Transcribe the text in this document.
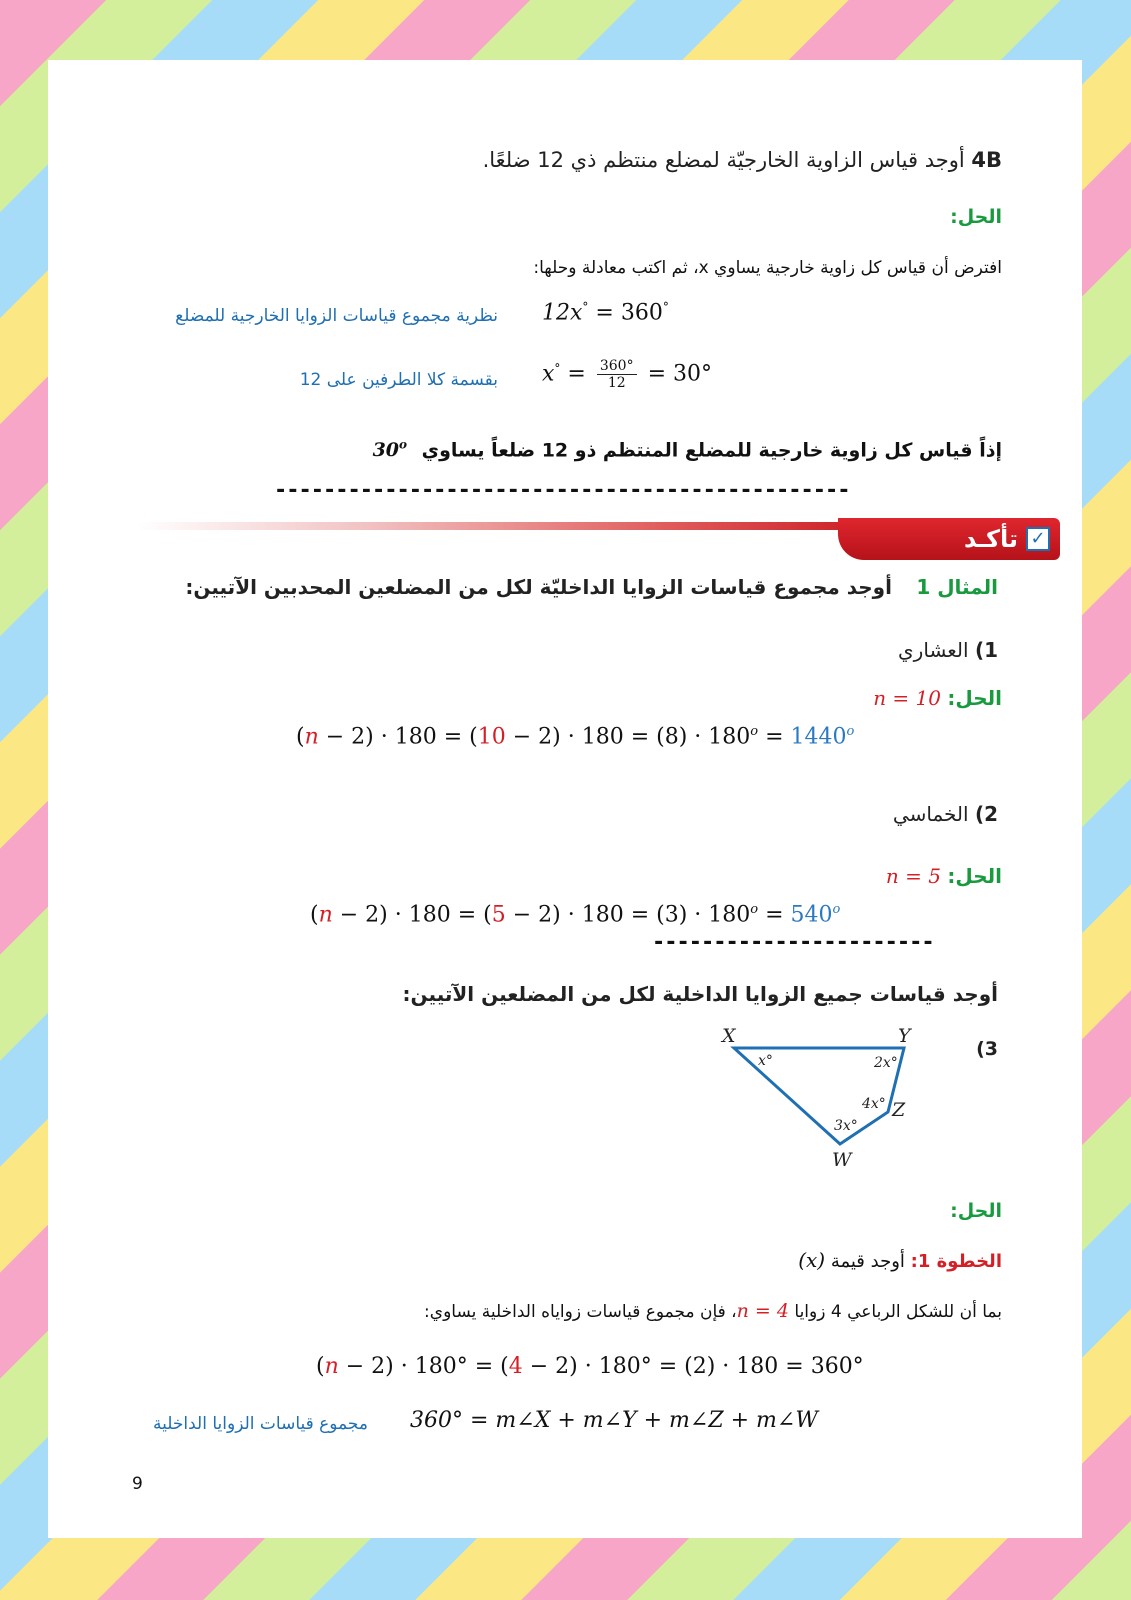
4B أوجد قياس الزاوية الخارجيّة لمضلع منتظم ذي 12 ضلعًا.
الحل:
افترض أن قياس كل زاوية خارجية يساوي x، ثم اكتب معادلة وحلها:
12x° = 360°
نظرية مجموع قياسات الزوايا الخارجية للمضلع
$x^\circ = \frac{360^\circ}{12} = 30^\circ$
بقسمة كلا الطرفين على 12
إذاً قياس كل زاوية خارجية للمضلع المنتظم ذو 12 ضلعاً يساوي 30$^o$
-----------------------------------------------
تأكـد ✓
المثال 1 أوجد مجموع قياسات الزوايا الداخليّة لكل من المضلعين المحدبين الآتيين:
1) العشاري
الحل: n = 10
$(n - 2) \cdot 180 = (10 - 2) \cdot 180 = (8) \cdot 180^o = 1440^o$
2) الخماسي
الحل: n = 5
$(n - 2) \cdot 180 = (5 - 2) \cdot 180 = (3) \cdot 180^o = 540^o$
-----------------------
أوجد قياسات جميع الزوايا الداخلية لكل من المضلعين الآتيين:
3)
X	Y
Z
W
x°	2x°
4x°
3x°
الحل:
الخطوة 1: أوجد قيمة (x)
بما أن للشكل الرباعي 4 زوايا n = 4، فإن مجموع قياسات زواياه الداخلية يساوي:
(n − 2) · 180° = (4 − 2) · 180° = (2) · 180 = 360°
360° = m∠X + m∠Y + m∠Z + m∠W
مجموع قياسات الزوايا الداخلية
9
